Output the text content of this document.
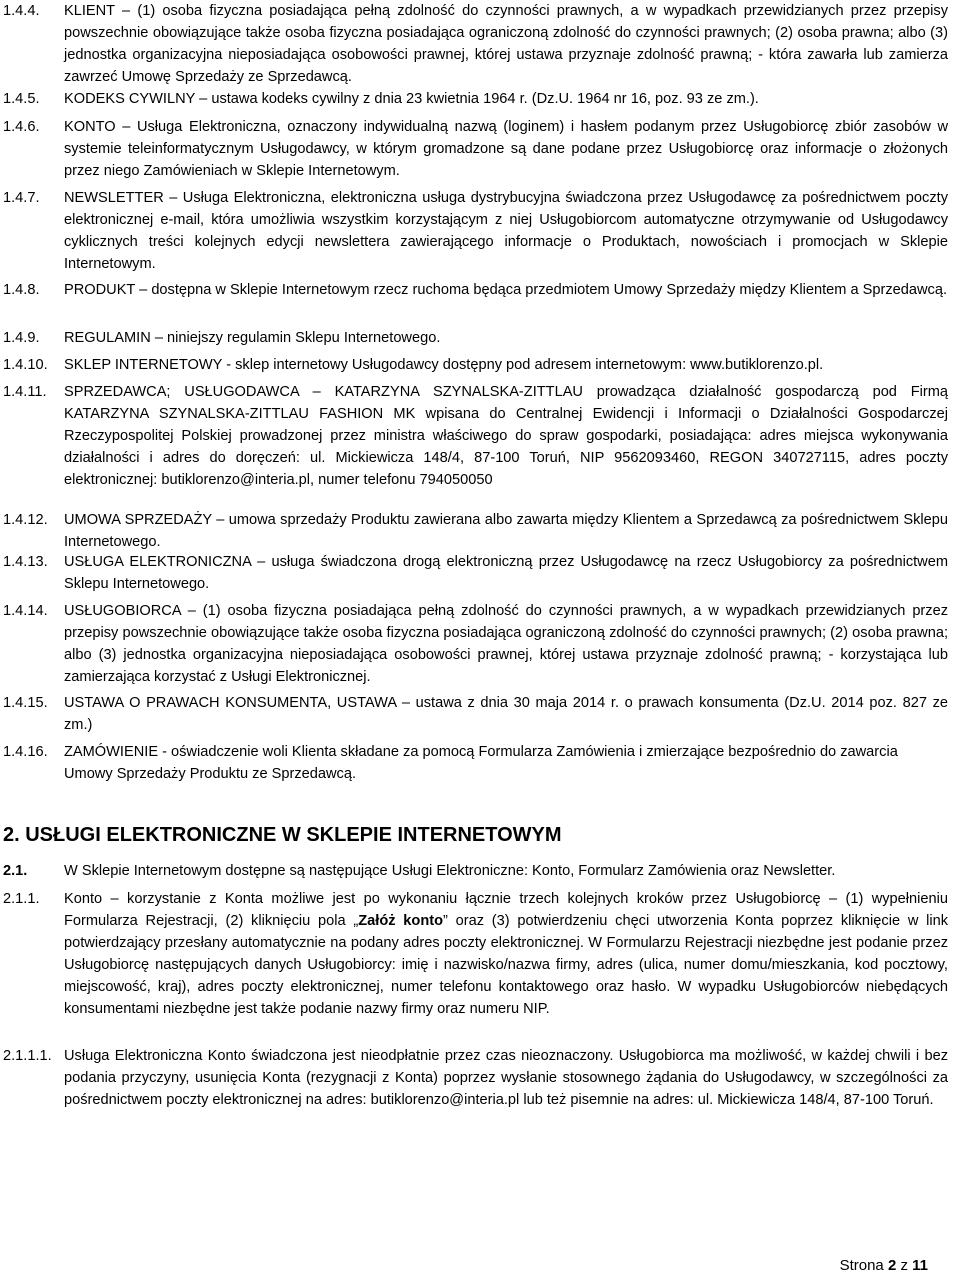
1.4.4.	KLIENT – (1) osoba fizyczna posiadająca pełną zdolność do czynności prawnych, a w wypadkach przewidzianych przez przepisy powszechnie obowiązujące także osoba fizyczna posiadająca ograniczoną zdolność do czynności prawnych; (2) osoba prawna; albo (3) jednostka organizacyjna nieposiadająca osobowości prawnej, której ustawa przyznaje zdolność prawną; - która zawarła lub zamierza zawrzeć Umowę Sprzedaży ze Sprzedawcą.
1.4.5.	KODEKS CYWILNY – ustawa kodeks cywilny z dnia 23 kwietnia 1964 r. (Dz.U. 1964 nr 16, poz. 93 ze zm.).
1.4.6.	KONTO – Usługa Elektroniczna, oznaczony indywidualną nazwą (loginem) i hasłem podanym przez Usługobiorcę zbiór zasobów w systemie teleinformatycznym Usługodawcy, w którym gromadzone są dane podane przez Usługobiorcę oraz informacje o złożonych przez niego Zamówieniach w Sklepie Internetowym.
1.4.7.	NEWSLETTER – Usługa Elektroniczna, elektroniczna usługa dystrybucyjna świadczona przez Usługodawcę za pośrednictwem poczty elektronicznej e-mail, która umożliwia wszystkim korzystającym z niej Usługobiorcom automatyczne otrzymywanie od Usługodawcy cyklicznych treści kolejnych edycji newslettera zawierającego informacje o Produktach, nowościach i promocjach w Sklepie Internetowym.
1.4.8.	PRODUKT – dostępna w Sklepie Internetowym rzecz ruchoma będąca przedmiotem Umowy Sprzedaży między Klientem a Sprzedawcą.
1.4.9.	REGULAMIN – niniejszy regulamin Sklepu Internetowego.
1.4.10.	SKLEP INTERNETOWY - sklep internetowy Usługodawcy dostępny pod adresem internetowym: www.butiklorenzo.pl.
1.4.11.	SPRZEDAWCA; USŁUGODAWCA – KATARZYNA SZYNALSKA-ZITTLAU prowadząca działalność gospodarczą pod Firmą KATARZYNA SZYNALSKA-ZITTLAU FASHION MK wpisana do Centralnej Ewidencji i Informacji o Działalności Gospodarczej Rzeczypospolitej Polskiej prowadzonej przez ministra właściwego do spraw gospodarki, posiadająca: adres miejsca wykonywania działalności i adres do doręczeń: ul. Mickiewicza 148/4, 87-100 Toruń, NIP 9562093460, REGON 340727115, adres poczty elektronicznej: butiklorenzo@interia.pl, numer telefonu 794050050
1.4.12.	UMOWA SPRZEDAŻY – umowa sprzedaży Produktu zawierana albo zawarta między Klientem a Sprzedawcą za pośrednictwem Sklepu Internetowego.
1.4.13.	USŁUGA ELEKTRONICZNA – usługa świadczona drogą elektroniczną przez Usługodawcę na rzecz Usługobiorcy za pośrednictwem Sklepu Internetowego.
1.4.14.	USŁUGOBIORCA – (1) osoba fizyczna posiadająca pełną zdolność do czynności prawnych, a w wypadkach przewidzianych przez przepisy powszechnie obowiązujące także osoba fizyczna posiadająca ograniczoną zdolność do czynności prawnych; (2) osoba prawna; albo (3) jednostka organizacyjna nieposiadająca osobowości prawnej, której ustawa przyznaje zdolność prawną; - korzystająca lub zamierzająca korzystać z Usługi Elektronicznej.
1.4.15.	USTAWA O PRAWACH KONSUMENTA, USTAWA – ustawa z dnia 30 maja 2014 r. o prawach konsumenta (Dz.U. 2014 poz. 827 ze zm.)
1.4.16.	ZAMÓWIENIE - oświadczenie woli Klienta składane za pomocą Formularza Zamówienia i zmierzające bezpośrednio do zawarcia Umowy Sprzedaży Produktu ze Sprzedawcą.
2. USŁUGI ELEKTRONICZNE W SKLEPIE INTERNETOWYM
2.1.	W Sklepie Internetowym dostępne są następujące Usługi Elektroniczne: Konto, Formularz Zamówienia oraz Newsletter.
2.1.1.	Konto – korzystanie z Konta możliwe jest po wykonaniu łącznie trzech kolejnych kroków przez Usługobiorcę – (1) wypełnieniu Formularza Rejestracji, (2) kliknięciu pola „Załóż konto” oraz (3) potwierdzeniu chęci utworzenia Konta poprzez kliknięcie w link potwierdzający przesłany automatycznie na podany adres poczty elektronicznej. W Formularzu Rejestracji niezbędne jest podanie przez Usługobiorcę następujących danych Usługobiorcy: imię i nazwisko/nazwa firmy, adres (ulica, numer domu/mieszkania, kod pocztowy, miejscowość, kraj), adres poczty elektronicznej, numer telefonu kontaktowego oraz hasło. W wypadku Usługobiorców niebędących konsumentami niezbędne jest także podanie nazwy firmy oraz numeru NIP.
2.1.1.1. Usługa Elektroniczna Konto świadczona jest nieodpłatnie przez czas nieoznaczony. Usługobiorca ma możliwość, w każdej chwili i bez podania przyczyny, usunięcia Konta (rezygnacji z Konta) poprzez wysłanie stosownego żądania do Usługodawcy, w szczególności za pośrednictwem poczty elektronicznej na adres: butiklorenzo@interia.pl lub też pisemnie na adres: ul. Mickiewicza 148/4, 87-100 Toruń.
Strona 2 z 11
